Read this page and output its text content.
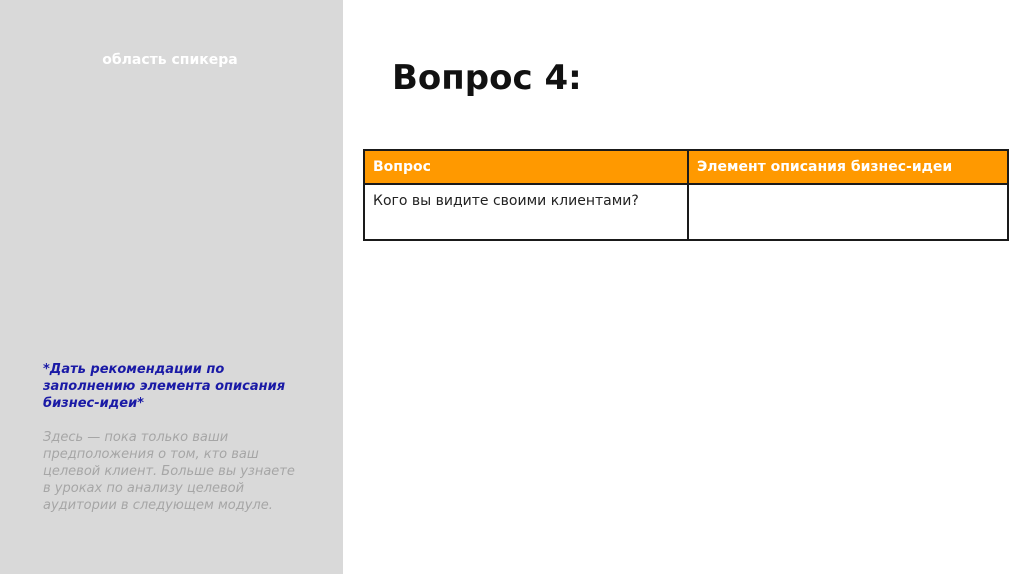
область спикера
*Дать рекомендации по заполнению элемента описания бизнес-идеи*
Здесь — пока только ваши предположения о том, кто ваш целевой клиент. Больше вы узнаете в уроках по анализу целевой аудитории в следующем модуле.
Вопрос 4:
Вопрос	Элемент описания бизнес-идеи
Кого вы видите своими клиентами?	
